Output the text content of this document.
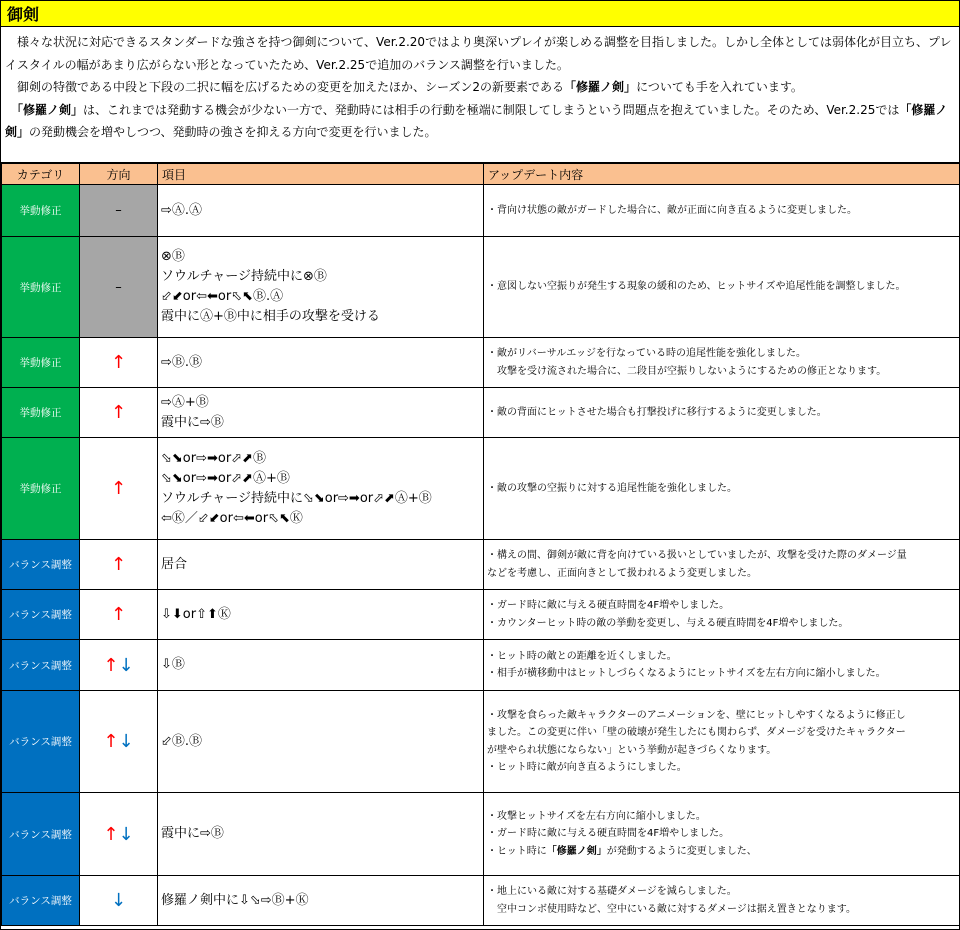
御剣

　様々な状況に対応できるスタンダードな強さを持つ御剣について、Ver.2.20ではより奥深いプレイが楽しめる調整を目指しました。しかし全体としては弱体化が目立ち、プレイスタイルの幅があまり広がらない形となっていたため、Ver.2.25で追加のバランス調整を行いました。

　御剣の特徴である中段と下段の二択に幅を広げるための変更を加えたほか、シーズン2の新要素である「修羅ノ剣」についても手を入れています。

　「修羅ノ剣」は、これまでは発動する機会が少ない一方で、発動時には相手の行動を極端に制限してしまうという問題点を抱えていました。そのため、Ver.2.25では「修羅ノ剣」の発動機会を増やしつつ、発動時の強さを抑える方向で変更を行いました。

カテゴリ	方向	項目	アップデート内容
挙動修正	–	⇨Ⓐ.Ⓐ	・背向け状態の敵がガードした場合に、敵が正面に向き直るように変更しました。

挙動修正	–	⊗Ⓑ
ソウルチャージ持続中に⊗Ⓑ
⬃⬋or⇦⬅or⬁⬉Ⓑ.Ⓐ
霞中にⒶ+Ⓑ中に相手の攻撃を受ける	・意図しない空振りが発生する現象の緩和のため、ヒットサイズや追尾性能を調整しました。

挙動修正	↑	⇨Ⓑ.Ⓑ	・敵がリバーサルエッジを行なっている時の追尾性能を強化しました。
　攻撃を受け流された場合に、二段目が空振りしないようにするための修正となります。

挙動修正	↑	⇨Ⓐ+Ⓑ
霞中に⇨Ⓑ	・敵の背面にヒットさせた場合も打撃投げに移行するように変更しました。

挙動修正	↑	⬂⬊or⇨➡or⬀⬈Ⓑ
⬂⬊or⇨➡or⬀⬈Ⓐ+Ⓑ
ソウルチャージ持続中に⬂⬊or⇨➡or⬀⬈Ⓐ+Ⓑ
⇦Ⓚ／⬃⬋or⇦⬅or⬁⬉Ⓚ	・敵の攻撃の空振りに対する追尾性能を強化しました。

バランス調整	↑	居合	・構えの間、御剣が敵に背を向けている扱いとしていましたが、攻撃を受けた際のダメージ量
などを考慮し、正面向きとして扱われるよう変更しました。

バランス調整	↑	⇩⬇or⇧⬆Ⓚ	・ガード時に敵に与える硬直時間を4F増やしました。
・カウンターヒット時の敵の挙動を変更し、与える硬直時間を4F増やしました。

バランス調整	↑↓	⇩Ⓑ	・ヒット時の敵との距離を近くしました。
・相手が横移動中はヒットしづらくなるようにヒットサイズを左右方向に縮小しました。

バランス調整	↑↓	⬃Ⓑ.Ⓑ	・攻撃を食らった敵キャラクターのアニメーションを、壁にヒットしやすくなるように修正し
ました。この変更に伴い「壁の破壊が発生したにも関わらず、ダメージを受けたキャラクター
が壁やられ状態にならない」という挙動が起きづらくなります。
・ヒット時に敵が向き直るようにしました。

バランス調整	↑↓	霞中に⇨Ⓑ	・攻撃ヒットサイズを左右方向に縮小しました。
・ガード時に敵に与える硬直時間を4F増やしました。
・ヒット時に「修羅ノ剣」が発動するように変更しました、

バランス調整	↓	修羅ノ剣中に⇩⬂⇨Ⓑ+Ⓚ	・地上にいる敵に対する基礎ダメージを減らしました。
　空中コンボ使用時など、空中にいる敵に対するダメージは据え置きとなります。
